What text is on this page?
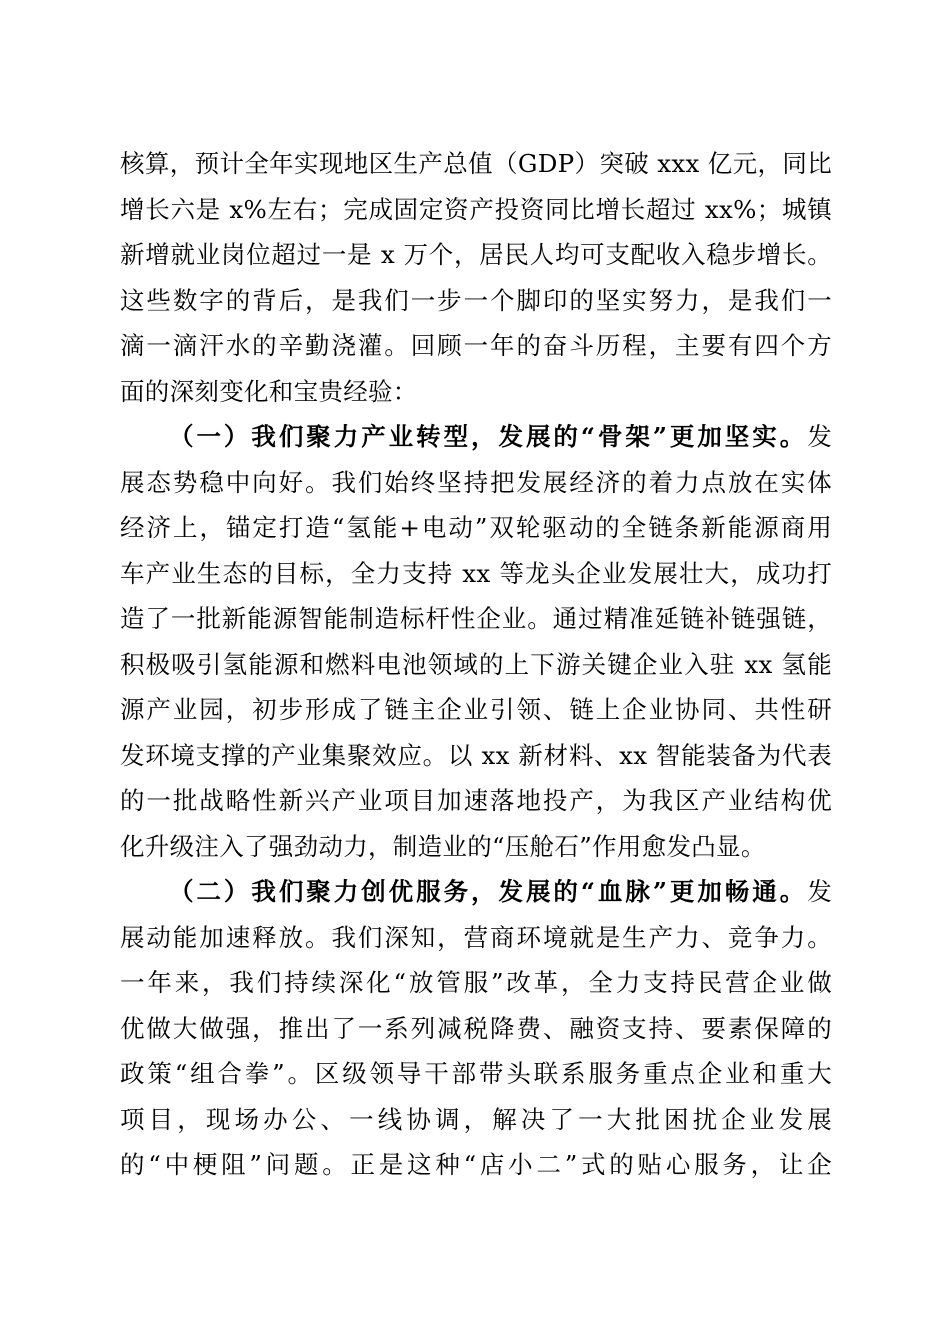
核算，预计全年实现地区生产总值（GDP）突破 xxx 亿元，同比
增长六是 x%左右；完成固定资产投资同比增长超过 xx%；城镇
新增就业岗位超过一是 x 万个，居民人均可支配收入稳步增长。
这些数字的背后，是我们一步一个脚印的坚实努力，是我们一
滴一滴汗水的辛勤浇灌。回顾一年的奋斗历程，主要有四个方
面的深刻变化和宝贵经验：
（一）我们聚力产业转型，发展的“骨架”更加坚实。发
展态势稳中向好。我们始终坚持把发展经济的着力点放在实体
经济上，锚定打造“氢能+电动”双轮驱动的全链条新能源商用
车产业生态的目标，全力支持 xx 等龙头企业发展壮大，成功打
造了一批新能源智能制造标杆性企业。通过精准延链补链强链，
积极吸引氢能源和燃料电池领域的上下游关键企业入驻 xx 氢能
源产业园，初步形成了链主企业引领、链上企业协同、共性研
发环境支撑的产业集聚效应。以 xx 新材料、xx 智能装备为代表
的一批战略性新兴产业项目加速落地投产，为我区产业结构优
化升级注入了强劲动力，制造业的“压舱石”作用愈发凸显。
（二）我们聚力创优服务，发展的“血脉”更加畅通。发
展动能加速释放。我们深知，营商环境就是生产力、竞争力。
一年来，我们持续深化“放管服”改革，全力支持民营企业做
优做大做强，推出了一系列减税降费、融资支持、要素保障的
政策“组合拳”。区级领导干部带头联系服务重点企业和重大
项目，现场办公、一线协调，解决了一大批困扰企业发展
的“中梗阻”问题。正是这种“店小二”式的贴心服务，让企
